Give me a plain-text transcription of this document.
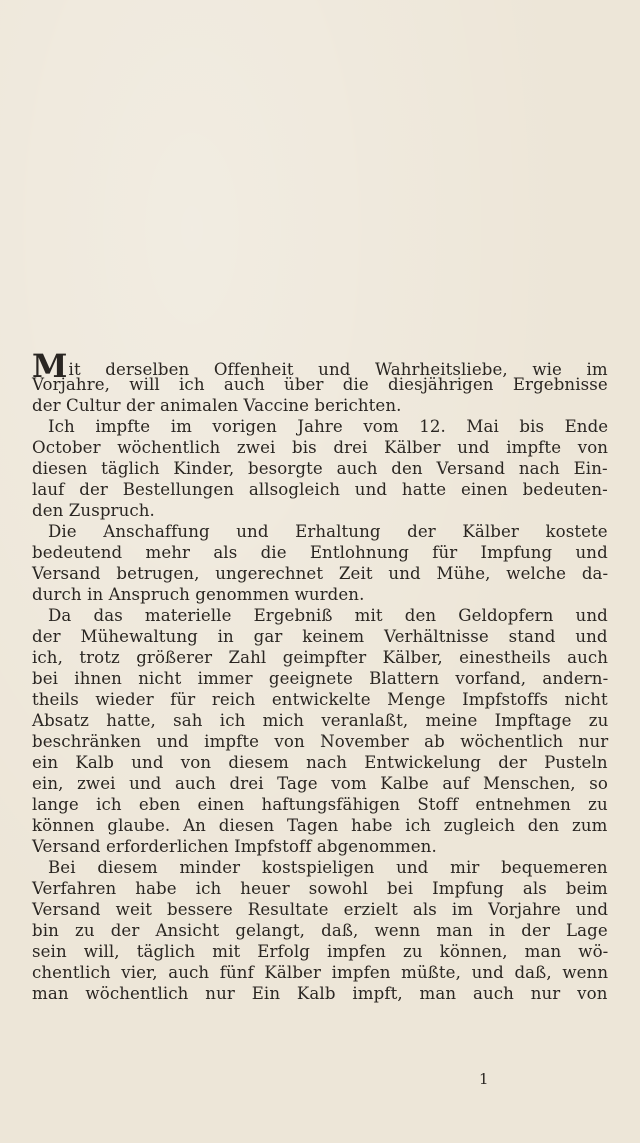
Mit derselben Offenheit und Wahrheitsliebe, wie im
Vorjahre, will ich auch über die diesjährigen Ergebnisse
der Cultur der animalen Vaccine berichten.
Ich impfte im vorigen Jahre vom 12. Mai bis Ende
October wöchentlich zwei bis drei Kälber und impfte von
diesen täglich Kinder, besorgte auch den Versand nach Ein-
lauf der Bestellungen allsogleich und hatte einen bedeuten-
den Zuspruch.
Die Anschaffung und Erhaltung der Kälber kostete
bedeutend mehr als die Entlohnung für Impfung und
Versand betrugen, ungerechnet Zeit und Mühe, welche da-
durch in Anspruch genommen wurden.
Da das materielle Ergebniß mit den Geldopfern und
der Mühewaltung in gar keinem Verhältnisse stand und
ich, trotz größerer Zahl geimpfter Kälber, einestheils auch
bei ihnen nicht immer geeignete Blattern vorfand, andern-
theils wieder für reich entwickelte Menge Impfstoffs nicht
Absatz hatte, sah ich mich veranlaßt, meine Impftage zu
beschränken und impfte von November ab wöchentlich nur
ein Kalb und von diesem nach Entwickelung der Pusteln
ein, zwei und auch drei Tage vom Kalbe auf Menschen, so
lange ich eben einen haftungsfähigen Stoff entnehmen zu
können glaube. An diesen Tagen habe ich zugleich den zum
Versand erforderlichen Impfstoff abgenommen.
Bei diesem minder kostspieligen und mir bequemeren
Verfahren habe ich heuer sowohl bei Impfung als beim
Versand weit bessere Resultate erzielt als im Vorjahre und
bin zu der Ansicht gelangt, daß, wenn man in der Lage
sein will, täglich mit Erfolg impfen zu können, man wö-
chentlich vier, auch fünf Kälber impfen müßte, und daß, wenn
man wöchentlich nur Ein Kalb impft, man auch nur von
1
